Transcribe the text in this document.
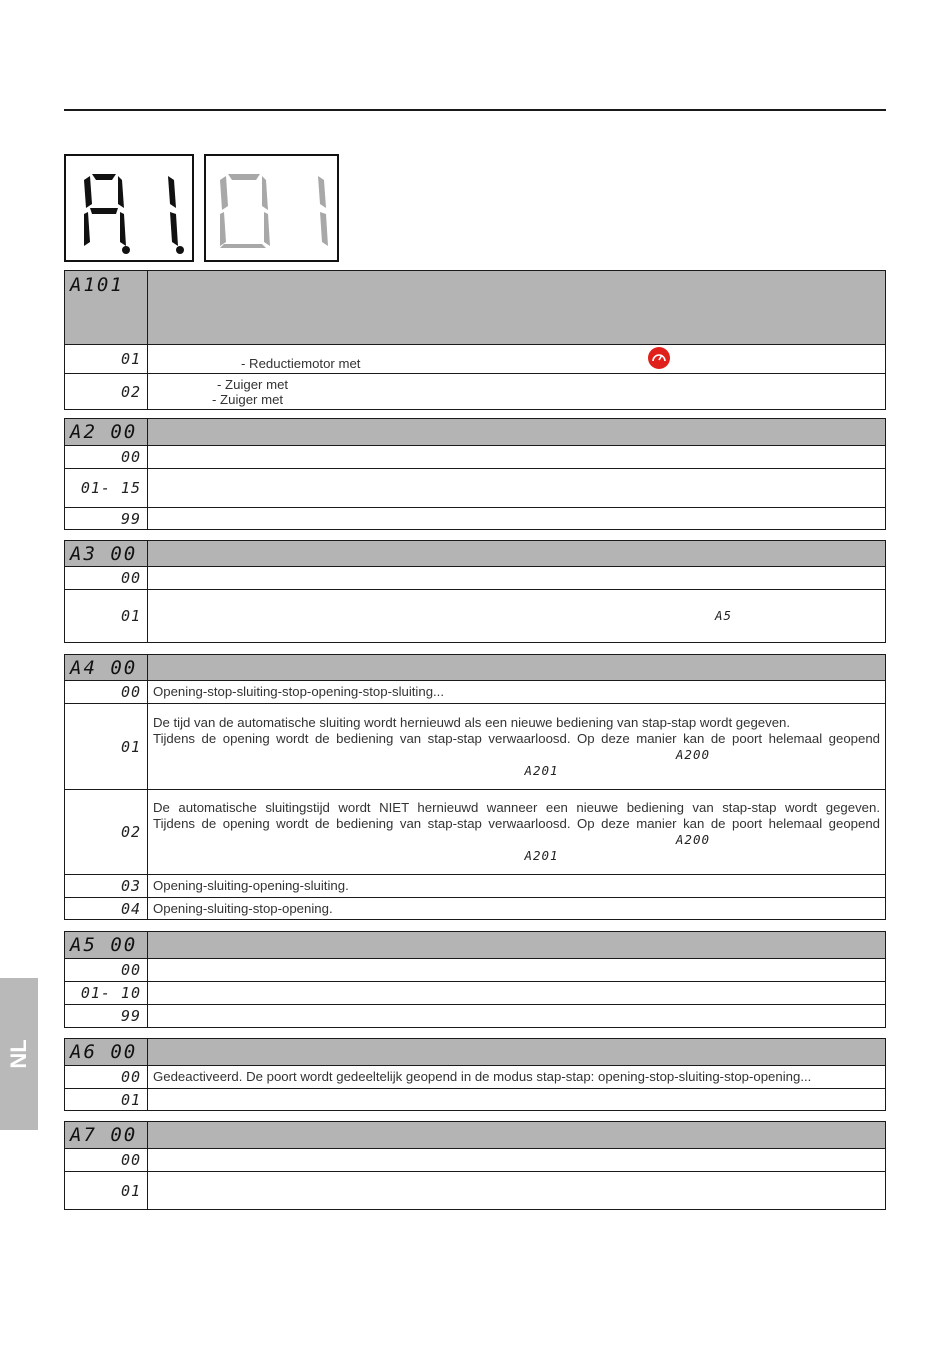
A101	
01	- Reductiemotor met

02	- Zuiger met
- Zuiger met
A2 00	
00	
01- 15	
99	
A3 00	
00	
01	A5
A4 00	
00	Opening-stop-sluiting-stop-opening-stop-sluiting...
01	De tijd van de automatische sluiting wordt hernieuwd als een nieuwe bediening van stap-stap wordt gegeven.
Tijdens de opening wordt de bediening van stap-stap verwaarloosd. Op deze manier kan de poort helemaal geopend
A200
A201

02	De automatische sluitingstijd wordt NIET hernieuwd wanneer een nieuwe bediening van stap-stap wordt gegeven.
Tijdens de opening wordt de bediening van stap-stap verwaarloosd. Op deze manier kan de poort helemaal geopend
A200
A201

03	Opening-sluiting-opening-sluiting.
04	Opening-sluiting-stop-opening.
A5 00	
00	
01- 10	
99	
A6 00	
00	Gedeactiveerd. De poort wordt gedeeltelijk geopend in de modus stap-stap: opening-stop-sluiting-stop-opening...
01	
A7 00	
00	
01	
NL
